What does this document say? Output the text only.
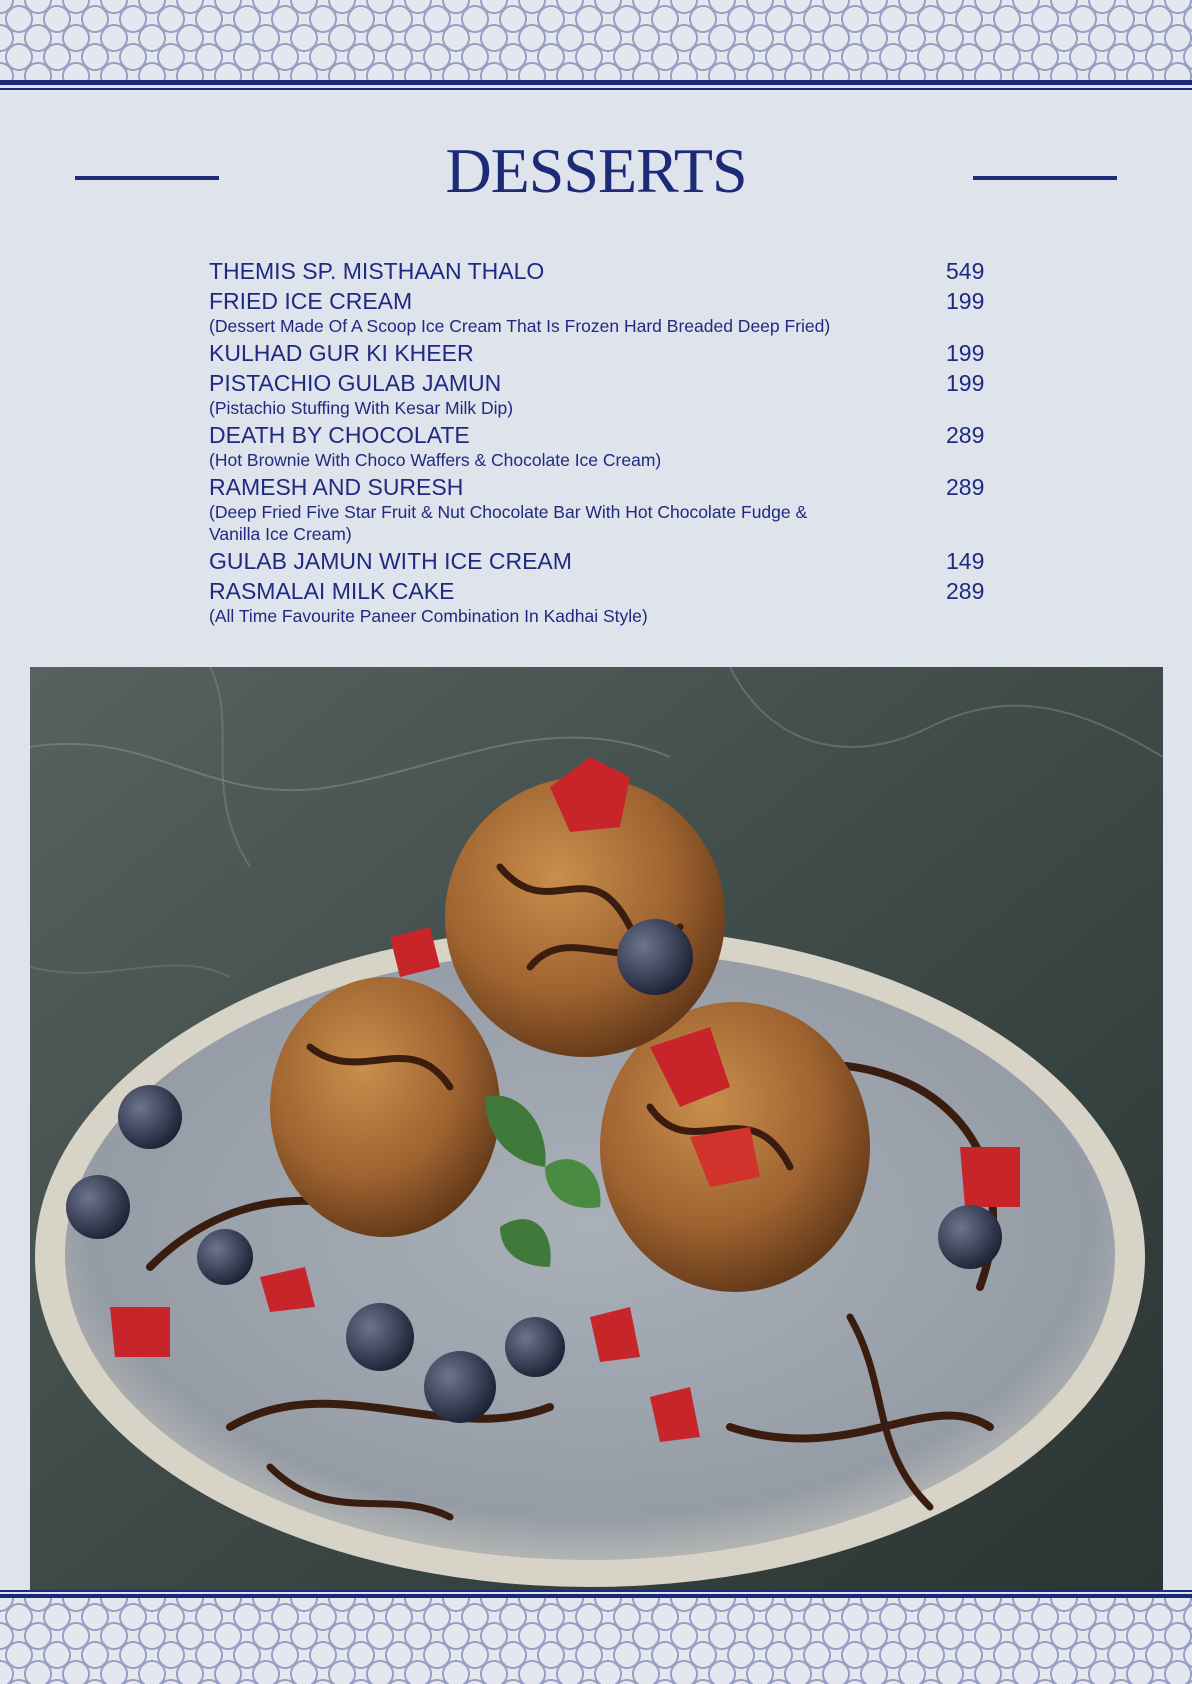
DESSERTS
THEMIS SP. MISTHAAN THALO	549
FRIED ICE CREAM	199
(Dessert Made Of A Scoop Ice Cream That Is Frozen Hard Breaded Deep Fried)
KULHAD GUR KI KHEER	199
PISTACHIO GULAB JAMUN	199
(Pistachio Stuffing With Kesar Milk Dip)
DEATH BY CHOCOLATE	289
(Hot Brownie With Choco Waffers & Chocolate Ice Cream)
RAMESH AND SURESH	289
(Deep Fried Five Star Fruit & Nut Chocolate Bar With Hot Chocolate Fudge & Vanilla Ice Cream)
GULAB JAMUN WITH ICE CREAM	149
RASMALAI MILK CAKE	289
(All Time Favourite Paneer Combination In Kadhai Style)
